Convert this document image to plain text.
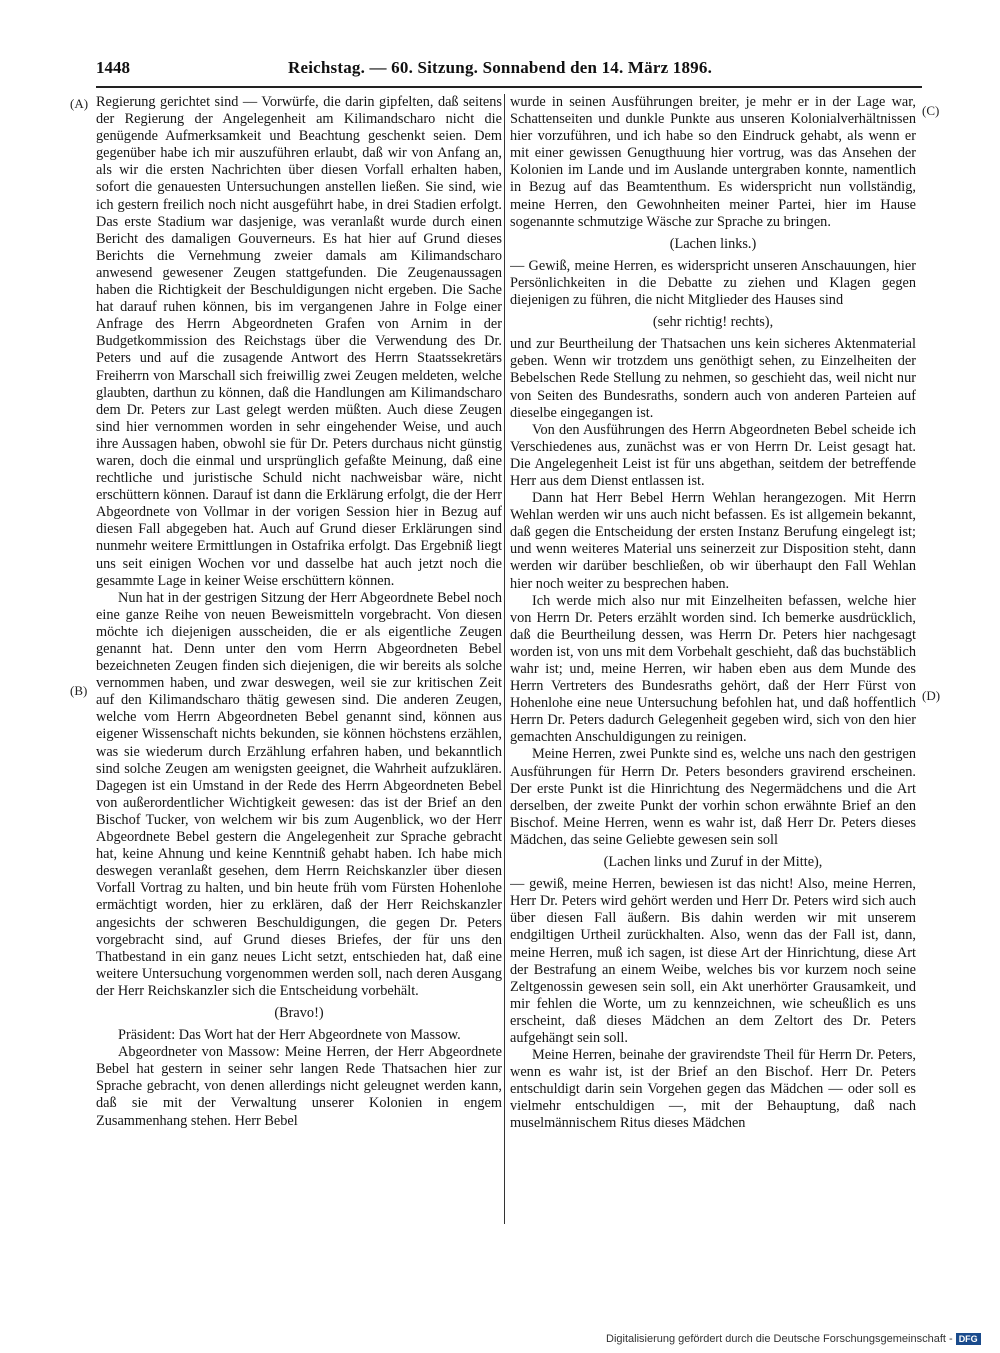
1448	Reichstag. — 60. Sitzung. Sonnabend den 14. März 1896.
(A)
(B)
(C)
(D)

Regierung gerichtet sind — Vorwürfe, die darin gipfelten, daß seitens der Regierung der Angelegenheit am Kilimandscharo nicht die genügende Aufmerksamkeit und Beachtung geschenkt seien. Dem gegenüber habe ich mir auszuführen erlaubt, daß wir von Anfang an, als wir die ersten Nachrichten über diesen Vorfall erhalten haben, sofort die genauesten Untersuchungen anstellen ließen. Sie sind, wie ich gestern freilich noch nicht ausgeführt habe, in drei Stadien erfolgt. Das erste Stadium war dasjenige, was veranlaßt wurde durch einen Bericht des damaligen Gouverneurs. Es hat hier auf Grund dieses Berichts die Vernehmung zweier damals am Kilimandscharo anwesend gewesener Zeugen stattgefunden. Die Zeugenaussagen haben die Richtigkeit der Beschuldigungen nicht ergeben. Die Sache hat darauf ruhen können, bis im vergangenen Jahre in Folge einer Anfrage des Herrn Abgeordneten Grafen von Arnim in der Budgetkommission des Reichstags über die Verwendung des Dr. Peters und auf die zusagende Antwort des Herrn Staatssekretärs Freiherrn von Marschall sich freiwillig zwei Zeugen meldeten, welche glaubten, darthun zu können, daß die Handlungen am Kilimandscharo dem Dr. Peters zur Last gelegt werden müßten. Auch diese Zeugen sind hier vernommen worden in sehr eingehender Weise, und auch ihre Aussagen haben, obwohl sie für Dr. Peters durchaus nicht günstig waren, doch die einmal und ursprünglich gefaßte Meinung, daß eine rechtliche und juristische Schuld nicht nachweisbar wäre, nicht erschüttern können. Darauf ist dann die Erklärung erfolgt, die der Herr Abgeordnete von Vollmar in der vorigen Session hier in Bezug auf diesen Fall abgegeben hat. Auch auf Grund dieser Erklärungen sind nunmehr weitere Ermittlungen in Ostafrika erfolgt. Das Ergebniß liegt uns seit einigen Wochen vor und dasselbe hat auch jetzt noch die gesammte Lage in keiner Weise erschüttern können.

Nun hat in der gestrigen Sitzung der Herr Abgeordnete Bebel noch eine ganze Reihe von neuen Beweismitteln vorgebracht. Von diesen möchte ich diejenigen ausscheiden, die er als eigentliche Zeugen genannt hat. Denn unter den vom Herrn Abgeordneten Bebel bezeichneten Zeugen finden sich diejenigen, die wir bereits als solche vernommen haben, und zwar deswegen, weil sie zur kritischen Zeit auf den Kilimandscharo thätig gewesen sind. Die anderen Zeugen, welche vom Herrn Abgeordneten Bebel genannt sind, können aus eigener Wissenschaft nichts bekunden, sie können höchstens erzählen, was sie wiederum durch Erzählung erfahren haben, und bekanntlich sind solche Zeugen am wenigsten geeignet, die Wahrheit aufzuklären. Dagegen ist ein Umstand in der Rede des Herrn Abgeordneten Bebel von außerordentlicher Wichtigkeit gewesen: das ist der Brief an den Bischof Tucker, von welchem wir bis zum Augenblick, wo der Herr Abgeordnete Bebel gestern die Angelegenheit zur Sprache gebracht hat, keine Ahnung und keine Kenntniß gehabt haben. Ich habe mich deswegen veranlaßt gesehen, dem Herrn Reichskanzler über diesen Vorfall Vortrag zu halten, und bin heute früh vom Fürsten Hohenlohe ermächtigt worden, hier zu erklären, daß der Herr Reichskanzler angesichts der schweren Beschuldigungen, die gegen Dr. Peters vorgebracht sind, auf Grund dieses Briefes, der für uns den Thatbestand in ein ganz neues Licht setzt, entschieden hat, daß eine weitere Untersuchung vorgenommen werden soll, nach deren Ausgang der Herr Reichskanzler sich die Entscheidung vorbehält.

(Bravo!)

Präsident: Das Wort hat der Herr Abgeordnete von Massow.

Abgeordneter von Massow: Meine Herren, der Herr Abgeordnete Bebel hat gestern in seiner sehr langen Rede Thatsachen hier zur Sprache gebracht, von denen allerdings nicht geleugnet werden kann, daß sie mit der Verwaltung unserer Kolonien in engem Zusammenhang stehen. Herr Bebel

wurde in seinen Ausführungen breiter, je mehr er in der Lage war, Schattenseiten und dunkle Punkte aus unseren Kolonialverhältnissen hier vorzuführen, und ich habe so den Eindruck gehabt, als wenn er mit einer gewissen Genugthuung hier vortrug, was das Ansehen der Kolonien im Lande und im Auslande untergraben konnte, namentlich in Bezug auf das Beamtenthum. Es widerspricht nun vollständig, meine Herren, den Gewohnheiten meiner Partei, hier im Hause sogenannte schmutzige Wäsche zur Sprache zu bringen.

(Lachen links.)

— Gewiß, meine Herren, es widerspricht unseren Anschauungen, hier Persönlichkeiten in die Debatte zu ziehen und Klagen gegen diejenigen zu führen, die nicht Mitglieder des Hauses sind

(sehr richtig! rechts),

und zur Beurtheilung der Thatsachen uns kein sicheres Aktenmaterial geben. Wenn wir trotzdem uns genöthigt sehen, zu Einzelheiten der Bebelschen Rede Stellung zu nehmen, so geschieht das, weil nicht nur von Seiten des Bundesraths, sondern auch von anderen Parteien auf dieselbe eingegangen ist.

Von den Ausführungen des Herrn Abgeordneten Bebel scheide ich Verschiedenes aus, zunächst was er von Herrn Dr. Leist gesagt hat. Die Angelegenheit Leist ist für uns abgethan, seitdem der betreffende Herr aus dem Dienst entlassen ist.

Dann hat Herr Bebel Herrn Wehlan herangezogen. Mit Herrn Wehlan werden wir uns auch nicht befassen. Es ist allgemein bekannt, daß gegen die Entscheidung der ersten Instanz Berufung eingelegt ist; und wenn weiteres Material uns seinerzeit zur Disposition steht, dann werden wir darüber beschließen, ob wir überhaupt den Fall Wehlan hier noch weiter zu besprechen haben.

Ich werde mich also nur mit Einzelheiten befassen, welche hier von Herrn Dr. Peters erzählt worden sind. Ich bemerke ausdrücklich, daß die Beurtheilung dessen, was Herrn Dr. Peters hier nachgesagt worden ist, von uns mit dem Vorbehalt geschieht, daß das buchstäblich wahr ist; und, meine Herren, wir haben eben aus dem Munde des Herrn Vertreters des Bundesraths gehört, daß der Herr Fürst von Hohenlohe eine neue Untersuchung befohlen hat, und daß hoffentlich Herrn Dr. Peters dadurch Gelegenheit gegeben wird, sich von den hier gemachten Anschuldigungen zu reinigen.

Meine Herren, zwei Punkte sind es, welche uns nach den gestrigen Ausführungen für Herrn Dr. Peters besonders gravirend erscheinen. Der erste Punkt ist die Hinrichtung des Negermädchens und die Art derselben, der zweite Punkt der vorhin schon erwähnte Brief an den Bischof. Meine Herren, wenn es wahr ist, daß Herr Dr. Peters dieses Mädchen, das seine Geliebte gewesen sein soll

(Lachen links und Zuruf in der Mitte),

— gewiß, meine Herren, bewiesen ist das nicht! Also, meine Herren, Herr Dr. Peters wird gehört werden und Herr Dr. Peters wird sich auch über diesen Fall äußern. Bis dahin werden wir mit unserem endgiltigen Urtheil zurückhalten. Also, wenn das der Fall ist, dann, meine Herren, muß ich sagen, ist diese Art der Hinrichtung, diese Art der Bestrafung an einem Weibe, welches bis vor kurzem noch seine Zeltgenossin gewesen sein soll, ein Akt unerhörter Grausamkeit, und mir fehlen die Worte, um zu kennzeichnen, wie scheußlich es uns erscheint, daß dieses Mädchen an dem Zeltort des Dr. Peters aufgehängt sein soll.

Meine Herren, beinahe der gravirendste Theil für Herrn Dr. Peters, wenn es wahr ist, ist der Brief an den Bischof. Herr Dr. Peters entschuldigt darin sein Vorgehen gegen das Mädchen — oder soll es vielmehr entschuldigen —, mit der Behauptung, daß nach muselmännischem Ritus dieses Mädchen

Digitalisierung gefördert durch die Deutsche Forschungsgemeinschaft - DFG
